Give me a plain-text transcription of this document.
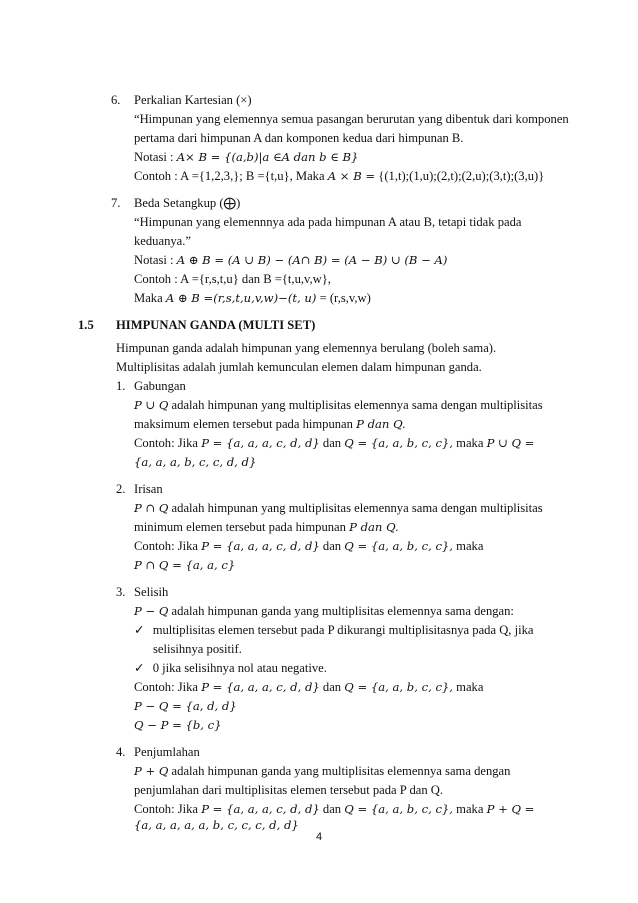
6. Perkalian Kartesian (×)
“Himpunan yang elemennya semua pasangan berurutan yang dibentuk dari komponen
pertama dari himpunan A dan komponen kedua dari himpunan B.
Notasi : A× B = {(a,b)|a ∈A dan b ∈ B}
Contoh : A ={1,2,3,}; B ={t,u}, Maka A × B = {(1,t);(1,u);(2,t);(2,u);(3,t);(3,u)}
7. Beda Setangkup (⨁)
“Himpunan yang elemennnya ada pada himpunan A atau B, tetapi tidak pada
keduanya.”
Notasi : A ⊕ B = (A ∪ B) − (A∩ B) = (A − B) ∪ (B − A)
Contoh : A ={r,s,t,u} dan B ={t,u,v,w},
Maka A ⊕ B =(r,s,t,u,v,w)−(t, u) = (r,s,v,w)
1.5 HIMPUNAN GANDA (MULTI SET)
Himpunan ganda adalah himpunan yang elemennya berulang (boleh sama).
Multiplisitas adalah jumlah kemunculan elemen dalam himpunan ganda.
1. Gabungan
P ∪ Q adalah himpunan yang multiplisitas elemennya sama dengan multiplisitas
maksimum elemen tersebut pada himpunan P dan Q.
Contoh: Jika P = {a, a, a, c, d, d} dan Q = {a, a, b, c, c}, maka P ∪ Q =
{a, a, a, b, c, c, d, d}
2. Irisan
P ∩ Q adalah himpunan yang multiplisitas elemennya sama dengan multiplisitas
minimum elemen tersebut pada himpunan P dan Q.
Contoh: Jika P = {a, a, a, c, d, d} dan Q = {a, a, b, c, c}, maka
P ∩ Q = {a, a, c}
3. Selisih
P − Q adalah himpunan ganda yang multiplisitas elemennya sama dengan:
✓ multiplisitas elemen tersebut pada P dikurangi multiplisitasnya pada Q, jika
selisihnya positif.
✓ 0 jika selisihnya nol atau negative.
Contoh: Jika P = {a, a, a, c, d, d} dan Q = {a, a, b, c, c}, maka
P − Q = {a, d, d}
Q − P = {b, c}
4. Penjumlahan
P + Q adalah himpunan ganda yang multiplisitas elemennya sama dengan
penjumlahan dari multiplisitas elemen tersebut pada P dan Q.
Contoh: Jika P = {a, a, a, c, d, d} dan Q = {a, a, b, c, c}, maka P + Q =
{a, a, a, a, a, b, c, c, c, d, d}
4
